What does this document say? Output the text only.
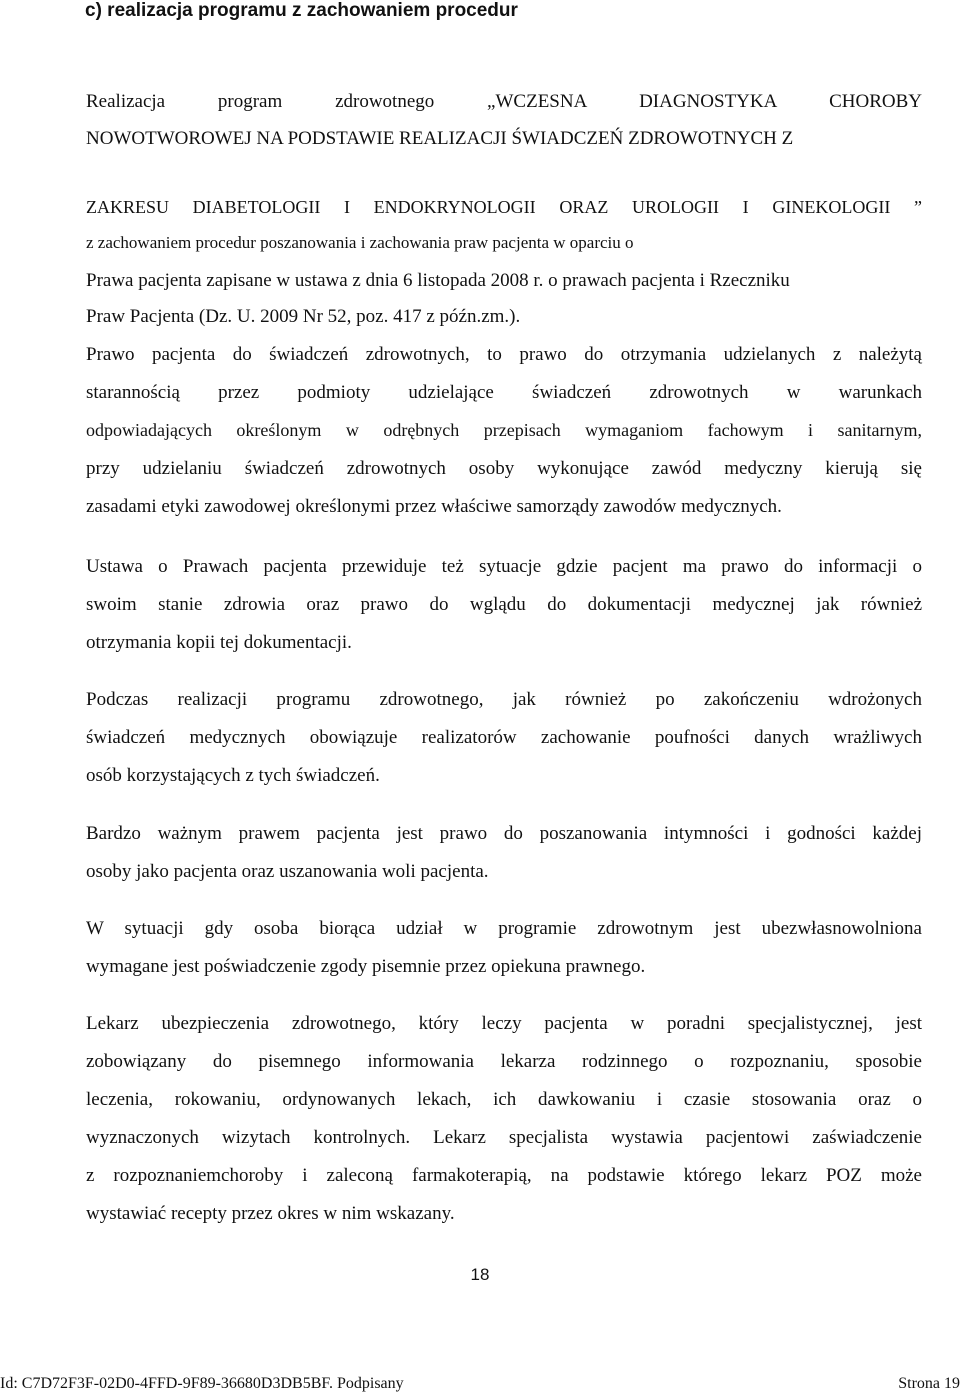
c) realizacja programu z zachowaniem procedur
Realizacja program zdrowotnego „WCZESNA DIAGNOSTYKA CHOROBY
NOWOTWOROWEJ NA PODSTAWIE REALIZACJI ŚWIADCZEŃ ZDROWOTNYCH Z
ZAKRESU DIABETOLOGII I ENDOKRYNOLOGII ORAZ UROLOGII I GINEKOLOGII ”
z zachowaniem procedur poszanowania i zachowania praw pacjenta w oparciu o
Prawa pacjenta zapisane w ustawa z dnia 6 listopada 2008 r. o prawach pacjenta i Rzeczniku
Praw Pacjenta (Dz. U. 2009 Nr 52, poz. 417 z późn.zm.).
Prawo pacjenta do świadczeń zdrowotnych, to prawo do otrzymania udzielanych z należytą
starannością przez podmioty udzielające świadczeń zdrowotnych w warunkach
odpowiadających określonym w odrębnych przepisach wymaganiom fachowym i sanitarnym,
przy udzielaniu świadczeń zdrowotnych osoby wykonujące zawód medyczny kierują się
zasadami etyki zawodowej określonymi przez właściwe samorządy zawodów medycznych.
Ustawa o Prawach pacjenta przewiduje też sytuacje gdzie pacjent ma prawo do informacji o
swoim stanie zdrowia oraz prawo do wglądu do dokumentacji medycznej jak również
otrzymania kopii tej dokumentacji.
Podczas realizacji programu zdrowotnego, jak również po zakończeniu wdrożonych
świadczeń medycznych obowiązuje realizatorów zachowanie poufności danych wrażliwych
osób korzystających z tych świadczeń.
Bardzo ważnym prawem pacjenta jest prawo do poszanowania intymności i godności każdej
osoby jako pacjenta oraz uszanowania woli pacjenta.
W sytuacji gdy osoba biorąca udział w programie zdrowotnym jest ubezwłasnowolniona
wymagane jest poświadczenie zgody pisemnie przez opiekuna prawnego.
Lekarz ubezpieczenia zdrowotnego, który leczy pacjenta w poradni specjalistycznej, jest
zobowiązany do pisemnego informowania lekarza rodzinnego o rozpoznaniu, sposobie
leczenia, rokowaniu, ordynowanych lekach, ich dawkowaniu i czasie stosowania oraz o
wyznaczonych wizytach kontrolnych. Lekarz specjalista wystawia pacjentowi zaświadczenie
z rozpoznaniemchoroby i zaleconą farmakoterapią, na podstawie którego lekarz POZ może
wystawiać recepty przez okres w nim wskazany.
18
Id: C7D72F3F-02D0-4FFD-9F89-36680D3DB5BF. Podpisany	Strona 19
